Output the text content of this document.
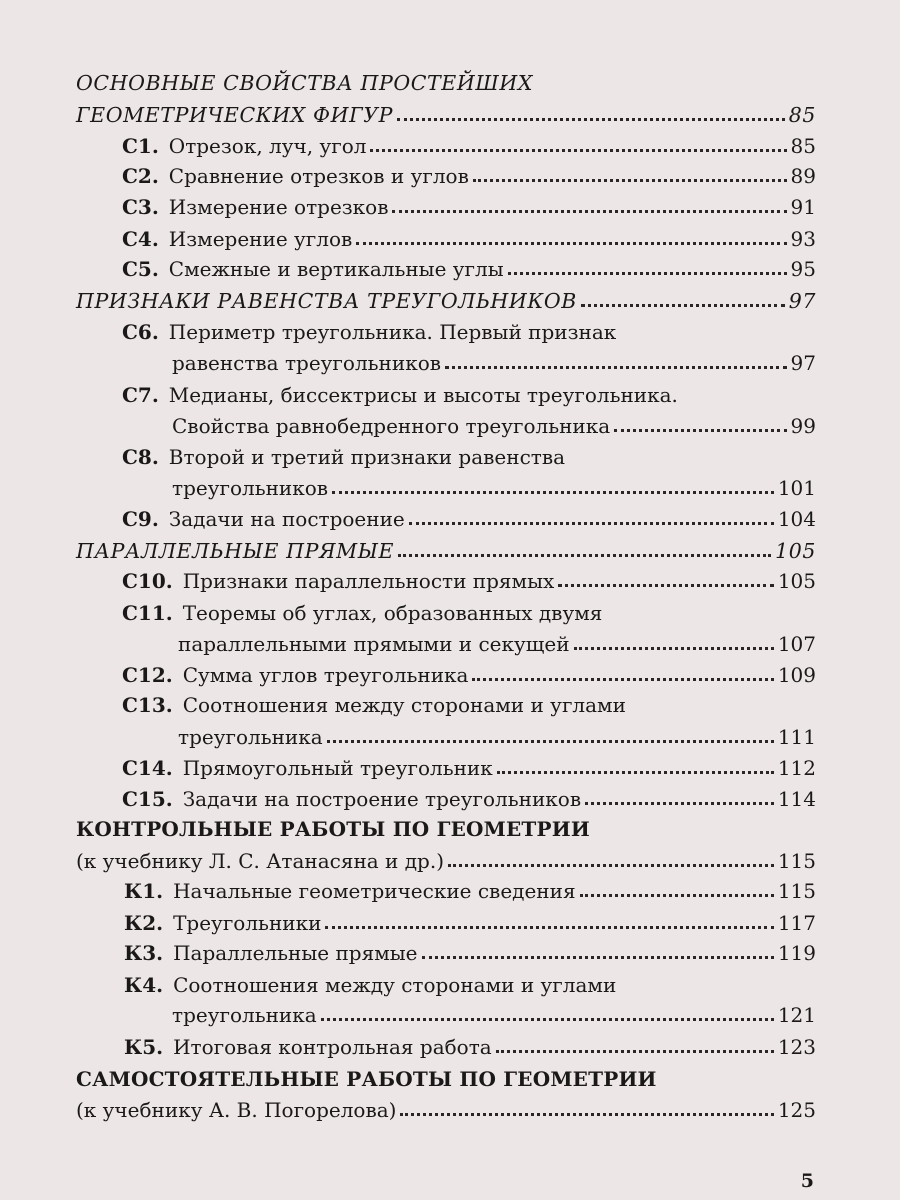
ОСНОВНЫЕ СВОЙСТВА ПРОСТЕЙШИХ
ГЕОМЕТРИЧЕСКИХ ФИГУР	85
С1. Отрезок, луч, угол	85
С2. Сравнение отрезков и углов	89
С3. Измерение отрезков	91
С4. Измерение углов	93
С5. Смежные и вертикальные углы	95
ПРИЗНАКИ РАВЕНСТВА ТРЕУГОЛЬНИКОВ	97
С6. Периметр треугольника. Первый признак
равенства треугольников	97
С7. Медианы, биссектрисы и высоты треугольника.
Свойства равнобедренного треугольника	99
С8. Второй и третий признаки равенства
треугольников	101
С9. Задачи на построение	104
ПАРАЛЛЕЛЬНЫЕ ПРЯМЫЕ	105
С10. Признаки параллельности прямых	105
С11. Теоремы об углах, образованных двумя
параллельными прямыми и секущей	107
С12. Сумма углов треугольника	109
С13. Соотношения между сторонами и углами
треугольника	111
С14. Прямоугольный треугольник	112
С15. Задачи на построение треугольников	114
КОНТРОЛЬНЫЕ РАБОТЫ ПО ГЕОМЕТРИИ
(к учебнику Л. С. Атанасяна и др.)	115
К1. Начальные геометрические сведения	115
К2. Треугольники	117
К3. Параллельные прямые	119
К4. Соотношения между сторонами и углами
треугольника	121
К5. Итоговая контрольная работа	123
САМОСТОЯТЕЛЬНЫЕ РАБОТЫ ПО ГЕОМЕТРИИ
(к учебнику А. В. Погорелова)	125
5
